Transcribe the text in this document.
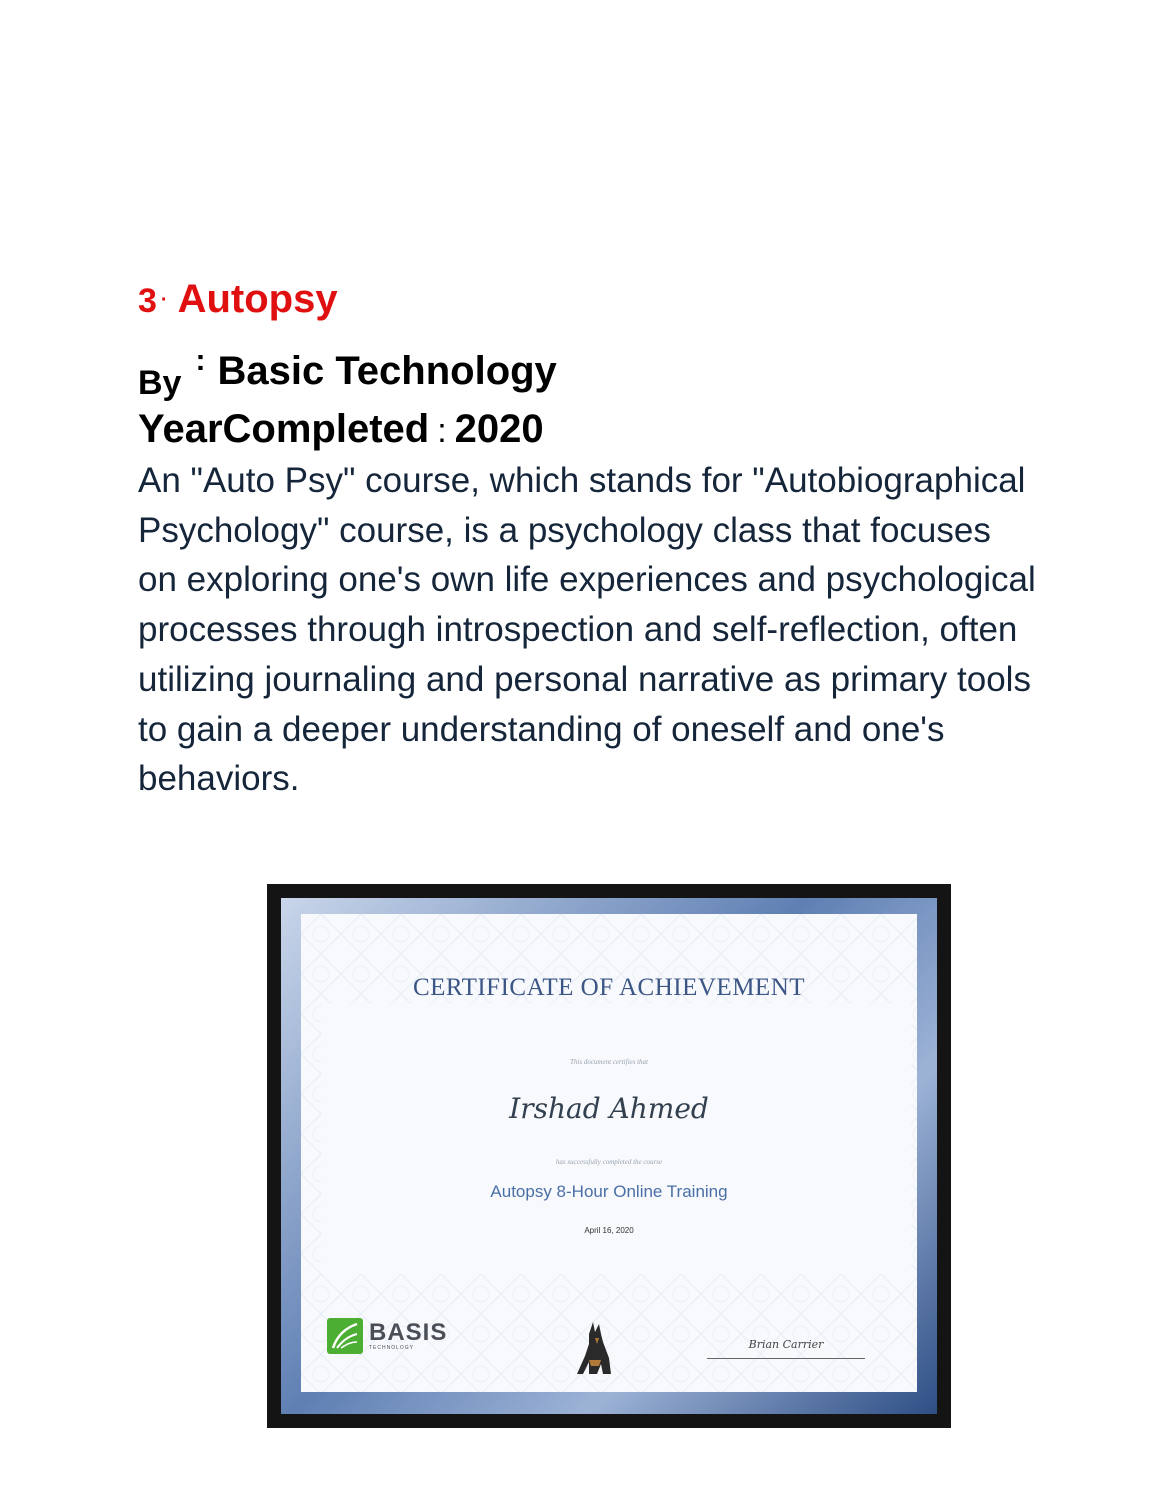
3 · Autopsy
$_{By}$: Basic Technology
YearCompleted : 2020

An "Auto Psy" course, which stands for "Autobiographical Psychology" course, is a psychology class that focuses on exploring one's own life experiences and psychological processes through introspection and self-reflection, often utilizing journaling and personal narrative as primary tools to gain a deeper understanding of oneself and one's behaviors.

CERTIFICATE OF ACHIEVEMENT
This document certifies that
Irshad Ahmed
has successfully completed the course
Autopsy 8-Hour Online Training
April 16, 2020
BASIS
TECHNOLOGY	Brian Carrier
